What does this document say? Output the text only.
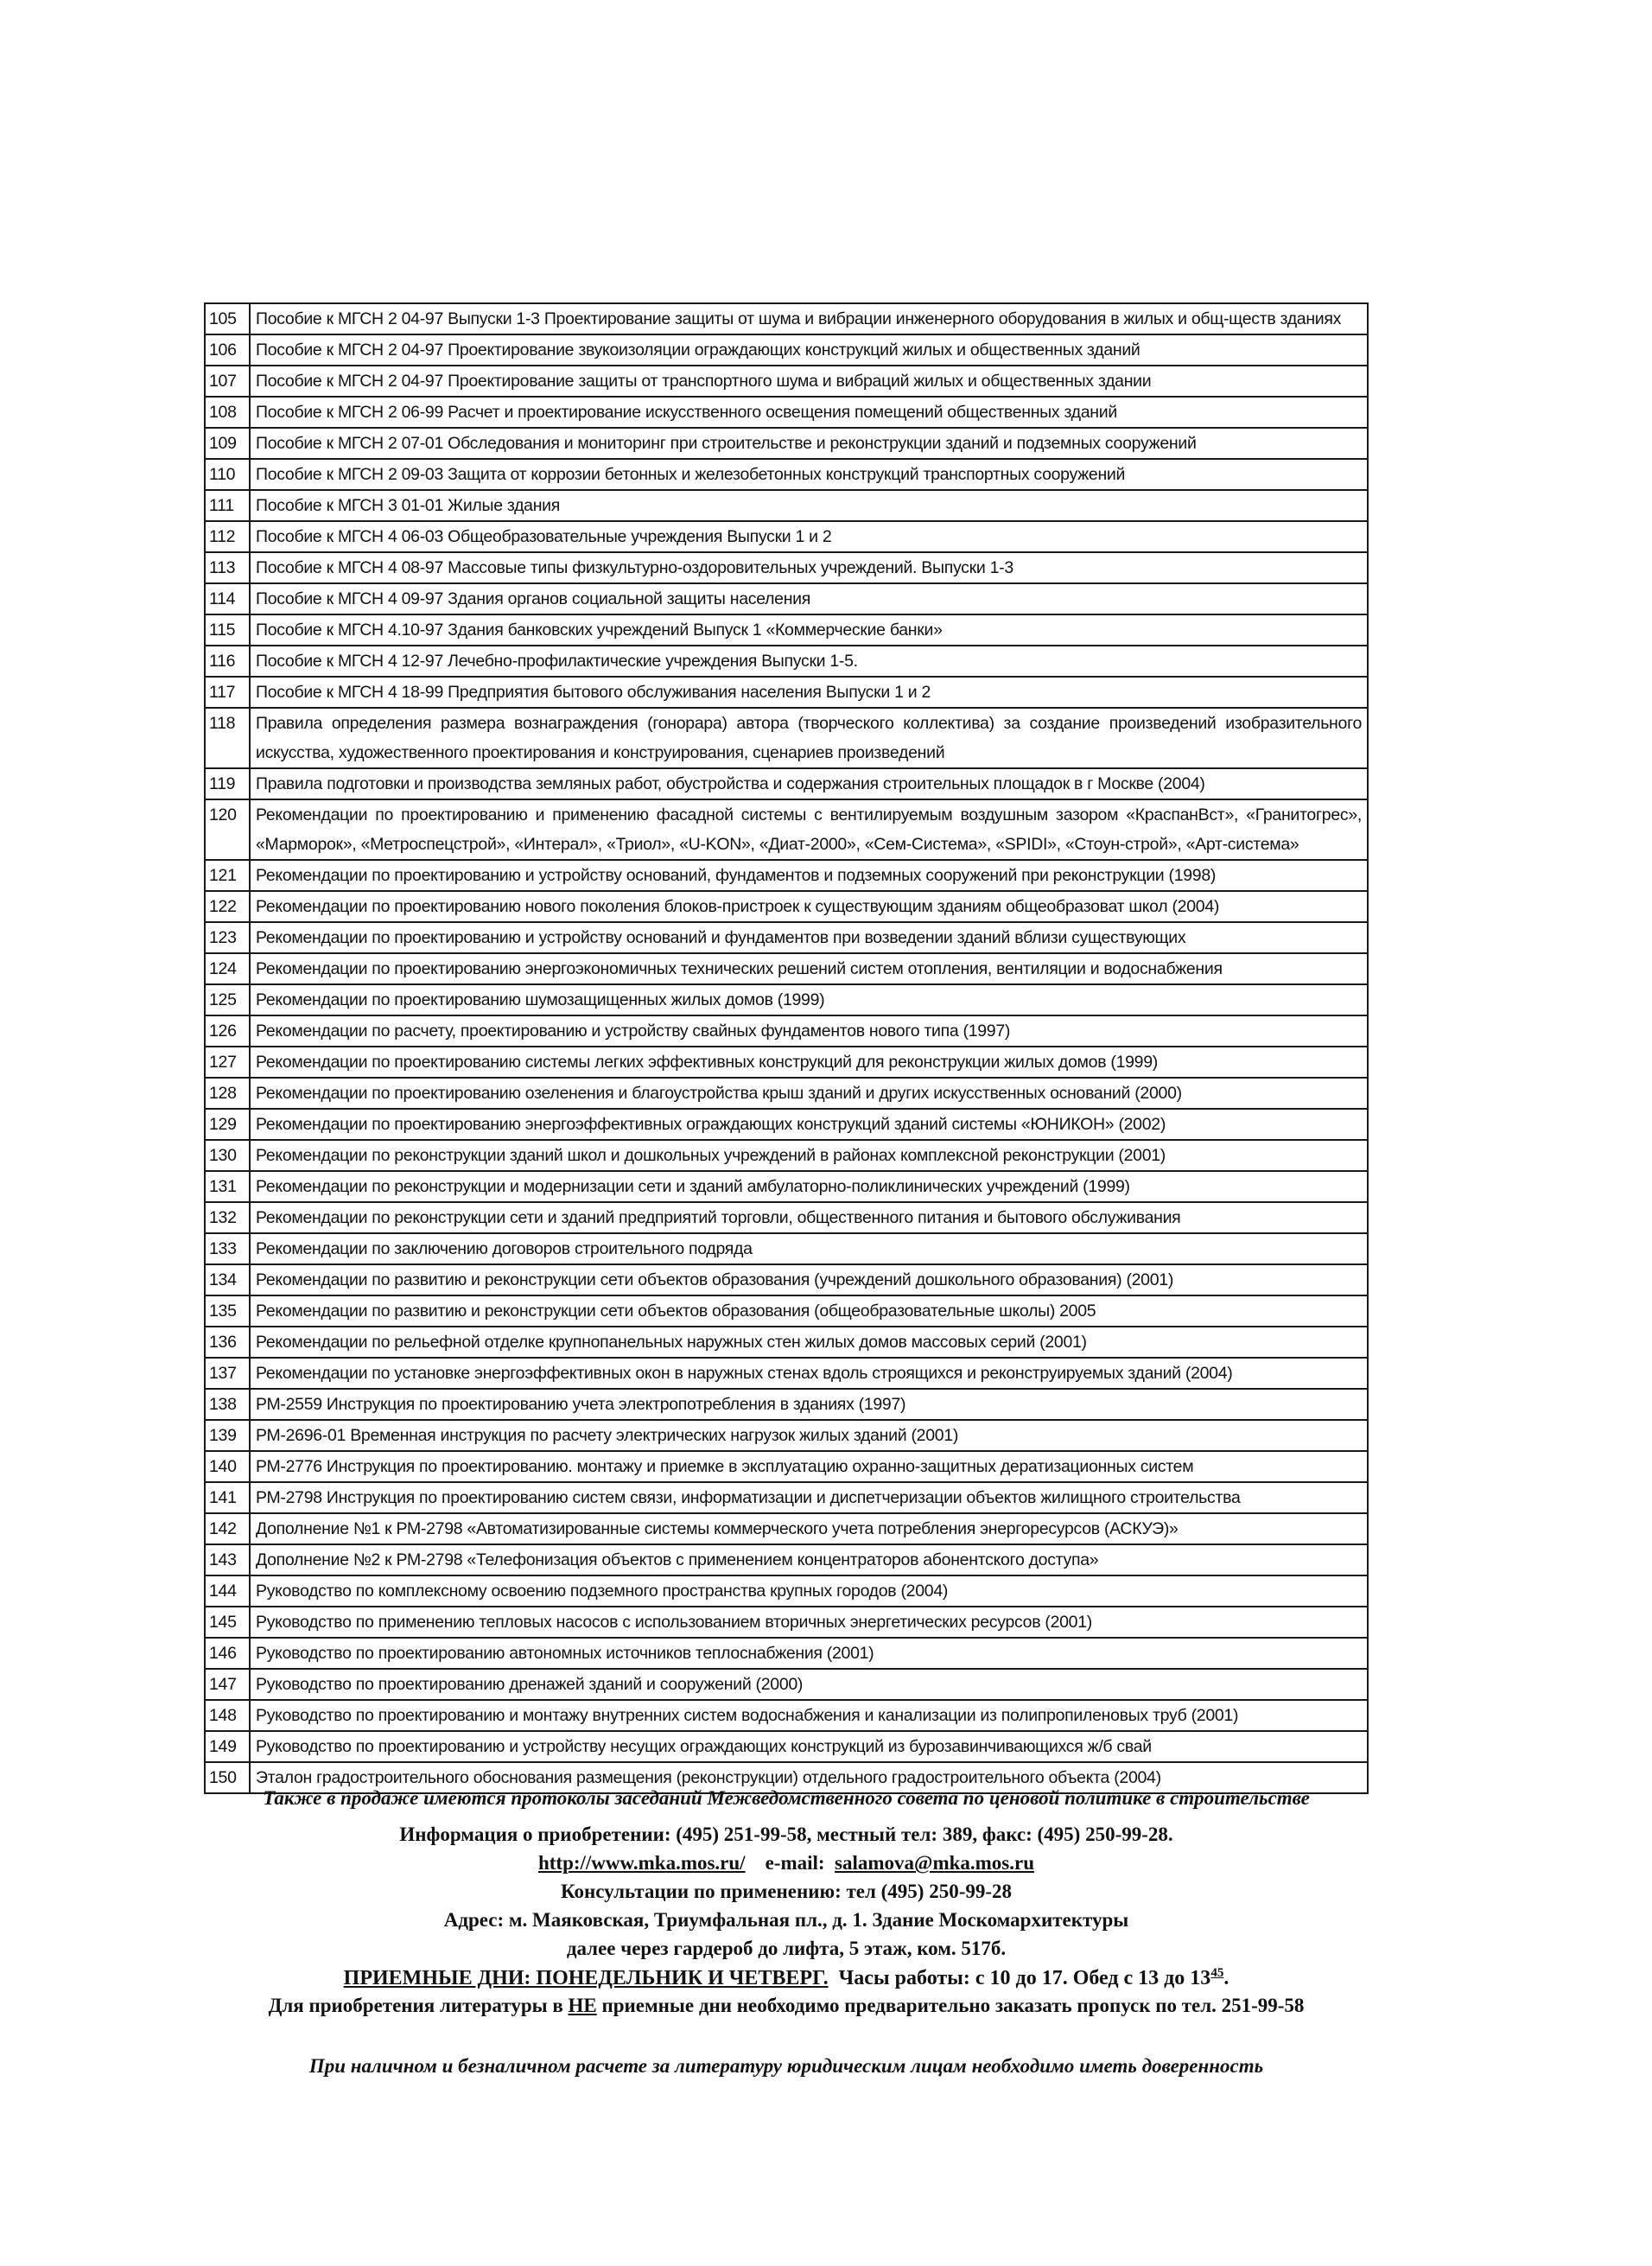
105	Пособие к МГСН 2 04-97 Выпуски 1-3 Проектирование защиты от шума и вибрации инженерного оборудования в жилых и общ-ществ зданиях
106	Пособие к МГСН 2 04-97 Проектирование звукоизоляции ограждающих конструкций жилых и общественных зданий
107	Пособие к МГСН 2 04-97 Проектирование защиты от транспортного шума и вибраций жилых и общественных здании
108	Пособие к МГСН 2 06-99 Расчет и проектирование искусственного освещения помещений общественных зданий
109	Пособие к МГСН 2 07-01 Обследования и мониторинг при строительстве и реконструкции зданий и подземных сооружений
110	Пособие к МГСН 2 09-03 Защита от коррозии бетонных и железобетонных конструкций транспортных сооружений
111	Пособие к МГСН 3 01-01 Жилые здания
112	Пособие к МГСН 4 06-03 Общеобразовательные учреждения Выпуски 1 и 2
113	Пособие к МГСН 4 08-97 Массовые типы физкультурно-оздоровительных учреждений. Выпуски 1-3
114	Пособие к МГСН 4 09-97 Здания органов социальной защиты населения
115	Пособие к МГСН 4.10-97 Здания банковских учреждений Выпуск 1 «Коммерческие банки»
116	Пособие к МГСН 4 12-97 Лечебно-профилактические учреждения Выпуски 1-5.
117	Пособие к МГСН 4 18-99 Предприятия бытового обслуживания населения Выпуски 1 и 2
118	Правила определения размера вознаграждения (гонорара) автора (творческого коллектива) за создание произведений изобразительного искусства, художественного проектирования и конструирования, сценариев произведений
119	Правила подготовки и производства земляных работ, обустройства и содержания строительных площадок в г Москве (2004)
120	Рекомендации по проектированию и применению фасадной системы с вентилируемым воздушным зазором «КраспанВст», «Гранитогрес», «Марморок», «Метроспецстрой», «Интерал», «Триол», «U-KON», «Диат-2000», «Сем-Система», «SPIDI», «Стоун-строй», «Арт-система»
121	Рекомендации по проектированию и устройству оснований, фундаментов и подземных сооружений при реконструкции (1998)
122	Рекомендации по проектированию нового поколения блоков-пристроек к существующим зданиям общеобразоват школ (2004)
123	Рекомендации по проектированию и устройству оснований и фундаментов при возведении зданий вблизи существующих
124	Рекомендации по проектированию энергоэкономичных технических решений систем отопления, вентиляции и водоснабжения
125	Рекомендации по проектированию шумозащищенных жилых домов (1999)
126	Рекомендации по расчету, проектированию и устройству свайных фундаментов нового типа (1997)
127	Рекомендации по проектированию системы легких эффективных конструкций для реконструкции жилых домов (1999)
128	Рекомендации по проектированию озеленения и благоустройства крыш зданий и других искусственных оснований (2000)
129	Рекомендации по проектированию энергоэффективных ограждающих конструкций зданий системы «ЮНИКОН» (2002)
130	Рекомендации по реконструкции зданий школ и дошкольных учреждений в районах комплексной реконструкции (2001)
131	Рекомендации по реконструкции и модернизации сети и зданий амбулаторно-поликлинических учреждений (1999)
132	Рекомендации по реконструкции сети и зданий предприятий торговли, общественного питания и бытового обслуживания
133	Рекомендации по заключению договоров строительного подряда
134	Рекомендации по развитию и реконструкции сети объектов образования (учреждений дошкольного образования) (2001)
135	Рекомендации по развитию и реконструкции сети объектов образования (общеобразовательные школы) 2005
136	Рекомендации по рельефной отделке крупнопанельных наружных стен жилых домов массовых серий (2001)
137	Рекомендации по установке энергоэффективных окон в наружных стенах вдоль строящихся и реконструируемых зданий (2004)
138	РМ-2559 Инструкция по проектированию учета электропотребления в зданиях (1997)
139	РМ-2696-01 Временная инструкция по расчету электрических нагрузок жилых зданий (2001)
140	РМ-2776 Инструкция по проектированию. монтажу и приемке в эксплуатацию охранно-защитных дератизационных систем
141	РМ-2798 Инструкция по проектированию систем связи, информатизации и диспетчеризации объектов жилищного строительства
142	Дополнение №1 к РМ-2798 «Автоматизированные системы коммерческого учета потребления энергоресурсов (АСКУЭ)»
143	Дополнение №2 к РМ-2798 «Телефонизация объектов с применением концентраторов абонентского доступа»
144	Руководство по комплексному освоению подземного пространства крупных городов (2004)
145	Руководство по применению тепловых насосов с использованием вторичных энергетических ресурсов (2001)
146	Руководство по проектированию автономных источников теплоснабжения (2001)
147	Руководство по проектированию дренажей зданий и сооружений (2000)
148	Руководство по проектированию и монтажу внутренних систем водоснабжения и канализации из полипропиленовых труб (2001)
149	Руководство по проектированию и устройству несущих ограждающих конструкций из бурозавинчивающихся ж/б свай
150	Эталон градостроительного обоснования размещения (реконструкции) отдельного градостроительного объекта (2004)
Также в продаже имеются протоколы заседаний Межведомственного совета по ценовой политике в строительстве
Информация о приобретении: (495) 251-99-58, местный тел: 389, факс: (495) 250-99-28.
http://www.mka.mos.ru/ e-mail: salamova@mka.mos.ru
Консультации по применению: тел (495) 250-99-28
Адрес: м. Маяковская, Триумфальная пл., д. 1. Здание Москомархитектуры
далее через гардероб до лифта, 5 этаж, ком. 517б.
ПРИЕМНЫЕ ДНИ: ПОНЕДЕЛЬНИК И ЧЕТВЕРГ. Часы работы: с 10 до 17. Обед с 13 до $13^{45}$.
Для приобретения литературы в НЕ приемные дни необходимо предварительно заказать пропуск по тел. 251-99-58
При наличном и безналичном расчете за литературу юридическим лицам необходимо иметь доверенность
